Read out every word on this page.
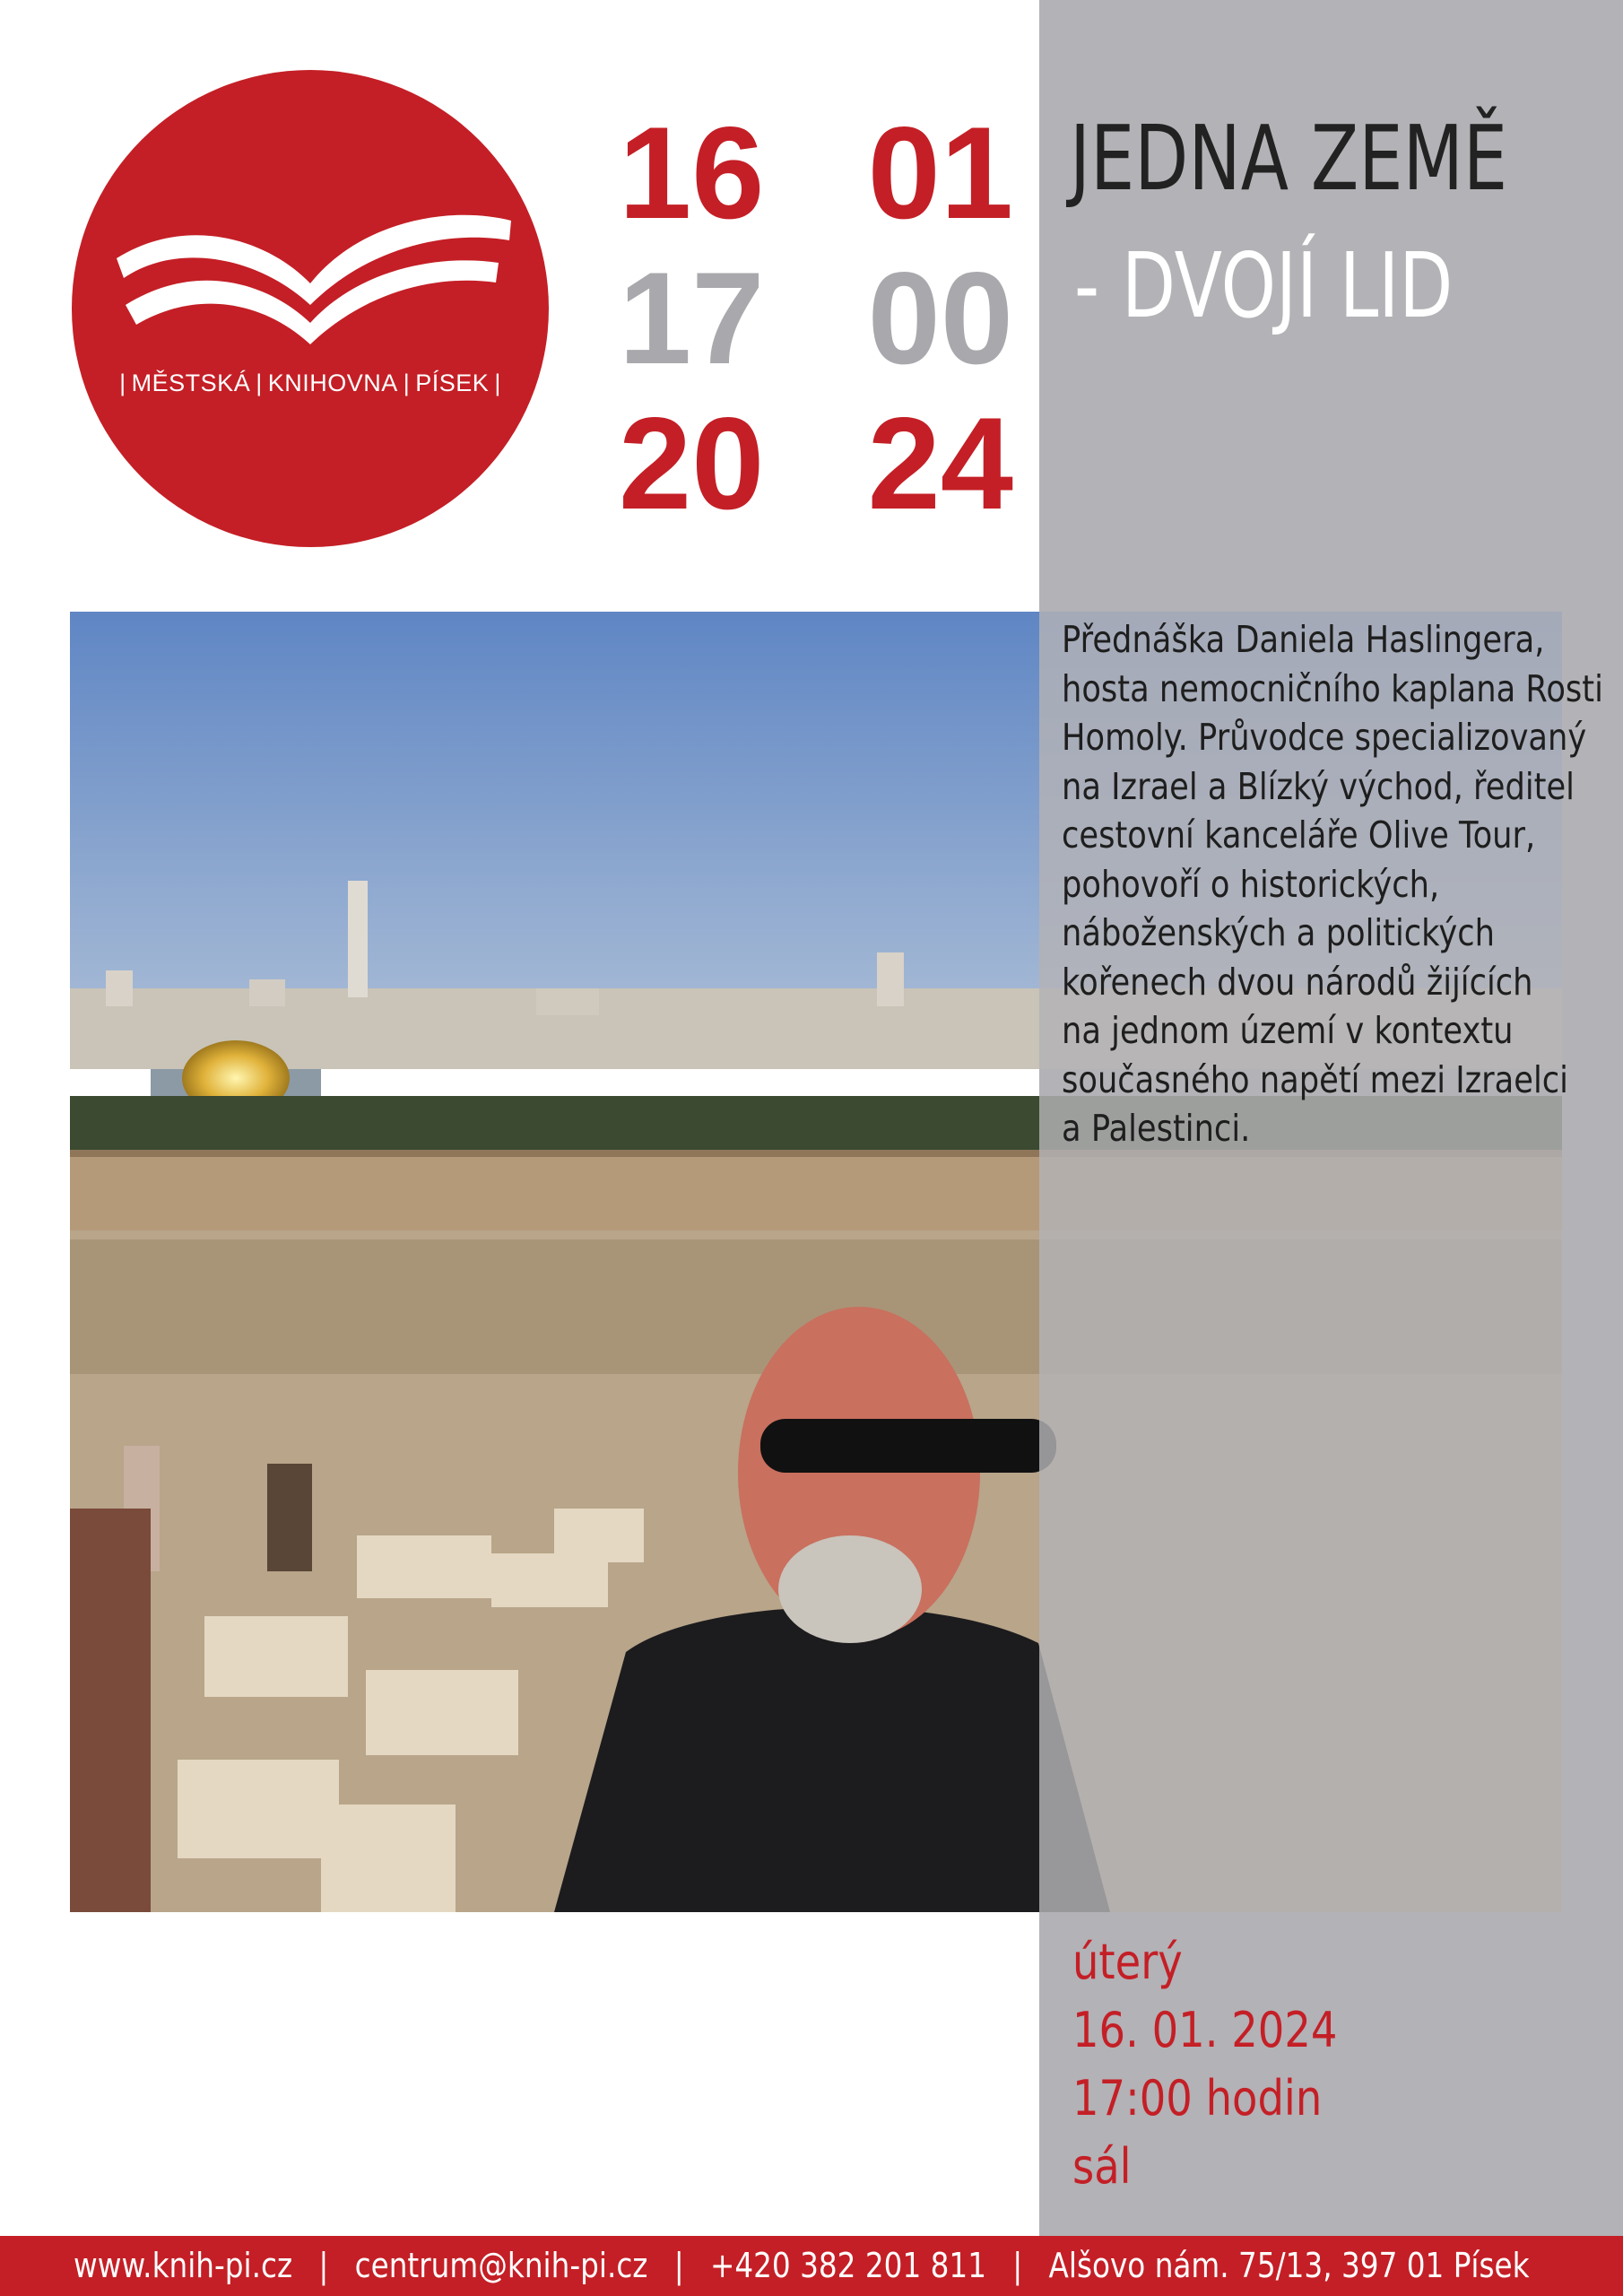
| MĚSTSKÁ | KNIHOVNA | PÍSEK |
16 01
17 00
20 24
JEDNA ZEMĚ
- DVOJÍ LID
Přednáška Daniela Haslingera,
hosta nemocničního kaplana Rosti
Homoly. Průvodce specializovaný
na Izrael a Blízký východ, ředitel
cestovní kanceláře Olive Tour,
pohovoří o historických,
náboženských a politických
kořenech dvou národů žijících
na jednom území v kontextu
současného napětí mezi Izraelci
a Palestinci.
úterý
16. 01. 2024
17:00 hodin
sál
www.knih-pi.cz | centrum@knih-pi.cz | +420 382 201 811 | Alšovo nám. 75/13, 397 01 Písek
